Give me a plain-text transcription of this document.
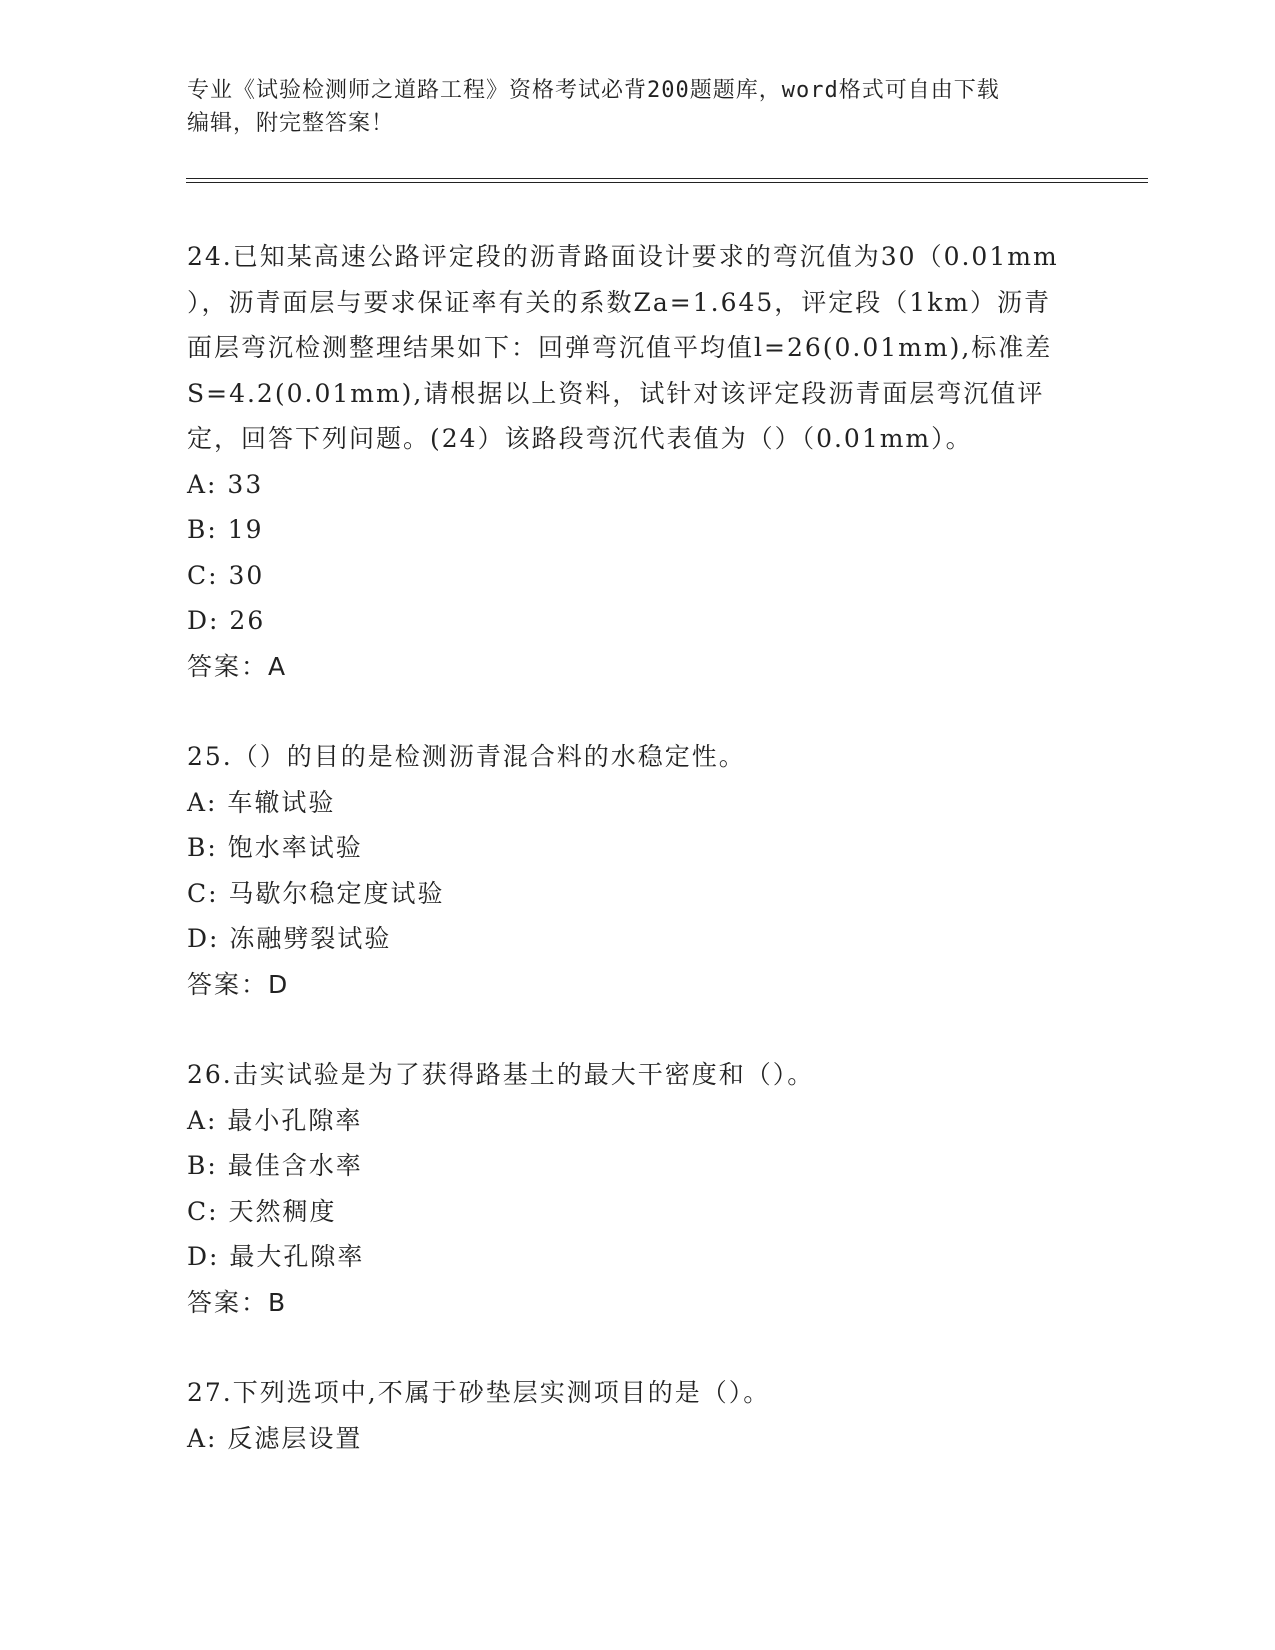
专业《试验检测师之道路工程》资格考试必背200题题库，word格式可自由下载
编辑，附完整答案！
24.已知某高速公路评定段的沥青路面设计要求的弯沉值为30（0.01mm
），沥青面层与要求保证率有关的系数Za=1.645，评定段（1km）沥青
面层弯沉检测整理结果如下：回弹弯沉值平均值l=26(0.01mm),标准差
S=4.2(0.01mm),请根据以上资料，试针对该评定段沥青面层弯沉值评
定，回答下列问题。(24）该路段弯沉代表值为（）（0.01mm）。
A: 33
B: 19
C: 30
D: 26
答案：A
25.（）的目的是检测沥青混合料的水稳定性。
A: 车辙试验
B: 饱水率试验
C: 马歇尔稳定度试验
D: 冻融劈裂试验
答案：D
26.击实试验是为了获得路基土的最大干密度和（）。
A: 最小孔隙率
B: 最佳含水率
C: 天然稠度
D: 最大孔隙率
答案：B
27.下列选项中,不属于砂垫层实测项目的是（）。
A: 反滤层设置
